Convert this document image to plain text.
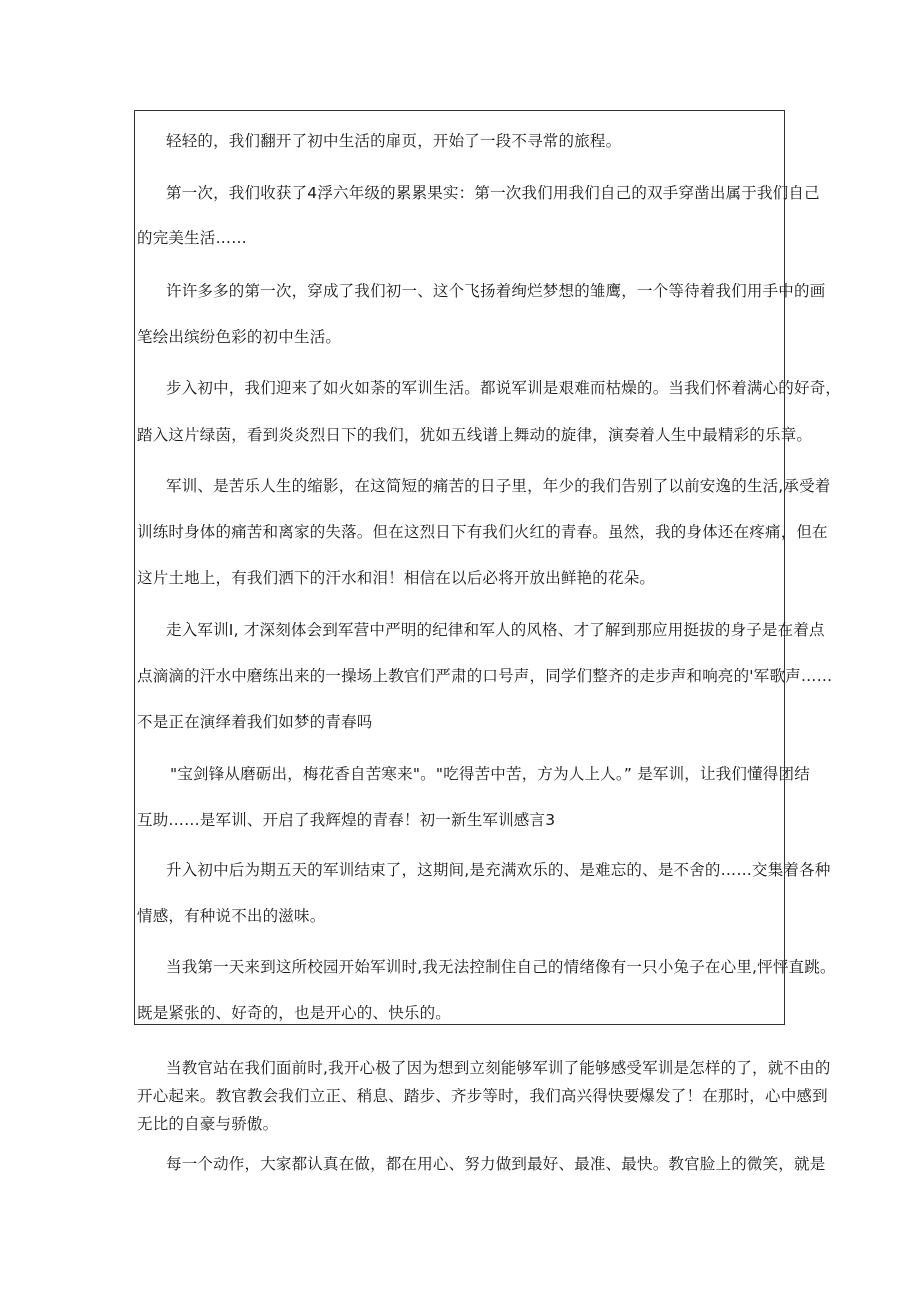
轻轻的，我们翻开了初中生活的扉页，开始了一段不寻常的旅程。
第一次，我们收获了4浮六年级的累累果实：第一次我们用我们自己的双手穿凿出属于我们自己
的完美生活……
许许多多的第一次，穿成了我们初一、这个飞扬着绚烂梦想的雏鹰，一个等待着我们用手中的画
笔绘出缤纷色彩的初中生活。
步入初中，我们迎来了如火如荼的军训生活。都说军训是艰难而枯燥的。当我们怀着满心的好奇，
踏入这片绿茵，看到炎炎烈日下的我们，犹如五线谱上舞动的旋律，演奏着人生中最精彩的乐章。
军训、是苦乐人生的缩影，在这简短的痛苦的日子里，年少的我们告别了以前安逸的生活,承受着
训练时身体的痛苦和离家的失落。但在这烈日下有我们火红的青春。虽然，我的身体还在疼痛，但在
这片土地上，有我们洒下的汗水和泪！相信在以后必将开放出鲜艳的花朵。
走入军训Ⅰ, 才深刻体会到军营中严明的纪律和军人的风格、才了解到那应用挺拔的身子是在着点
点滴滴的汗水中磨练出来的一操场上教官们严肃的口号声，同学们整齐的走步声和响亮的'军歌声……
不是正在演绎着我们如梦的青春吗
"宝剑锋从磨砺出，梅花香自苦寒来"。"吃得苦中苦，方为人上人。” 是军训，让我们懂得团结
互助……是军训、开启了我辉煌的青春！初一新生军训感言3
升入初中后为期五天的军训结束了，这期间,是充满欢乐的、是难忘的、是不舍的……交集着各种
情感，有种说不出的滋味。
当我第一天来到这所校园开始军训时,我无法控制住自己的情绪像有一只小兔子在心里,怦怦直跳。
既是紧张的、好奇的，也是开心的、快乐的。
当教官站在我们面前时,我开心极了因为想到立刻能够军训了能够感受军训是怎样的了，就不由的
开心起来。教官教会我们立正、稍息、踏步、齐步等时，我们高兴得快要爆发了！在那时，心中感到
无比的自豪与骄傲。
每一个动作，大家都认真在做，都在用心、努力做到最好、最准、最快。教官脸上的微笑，就是
